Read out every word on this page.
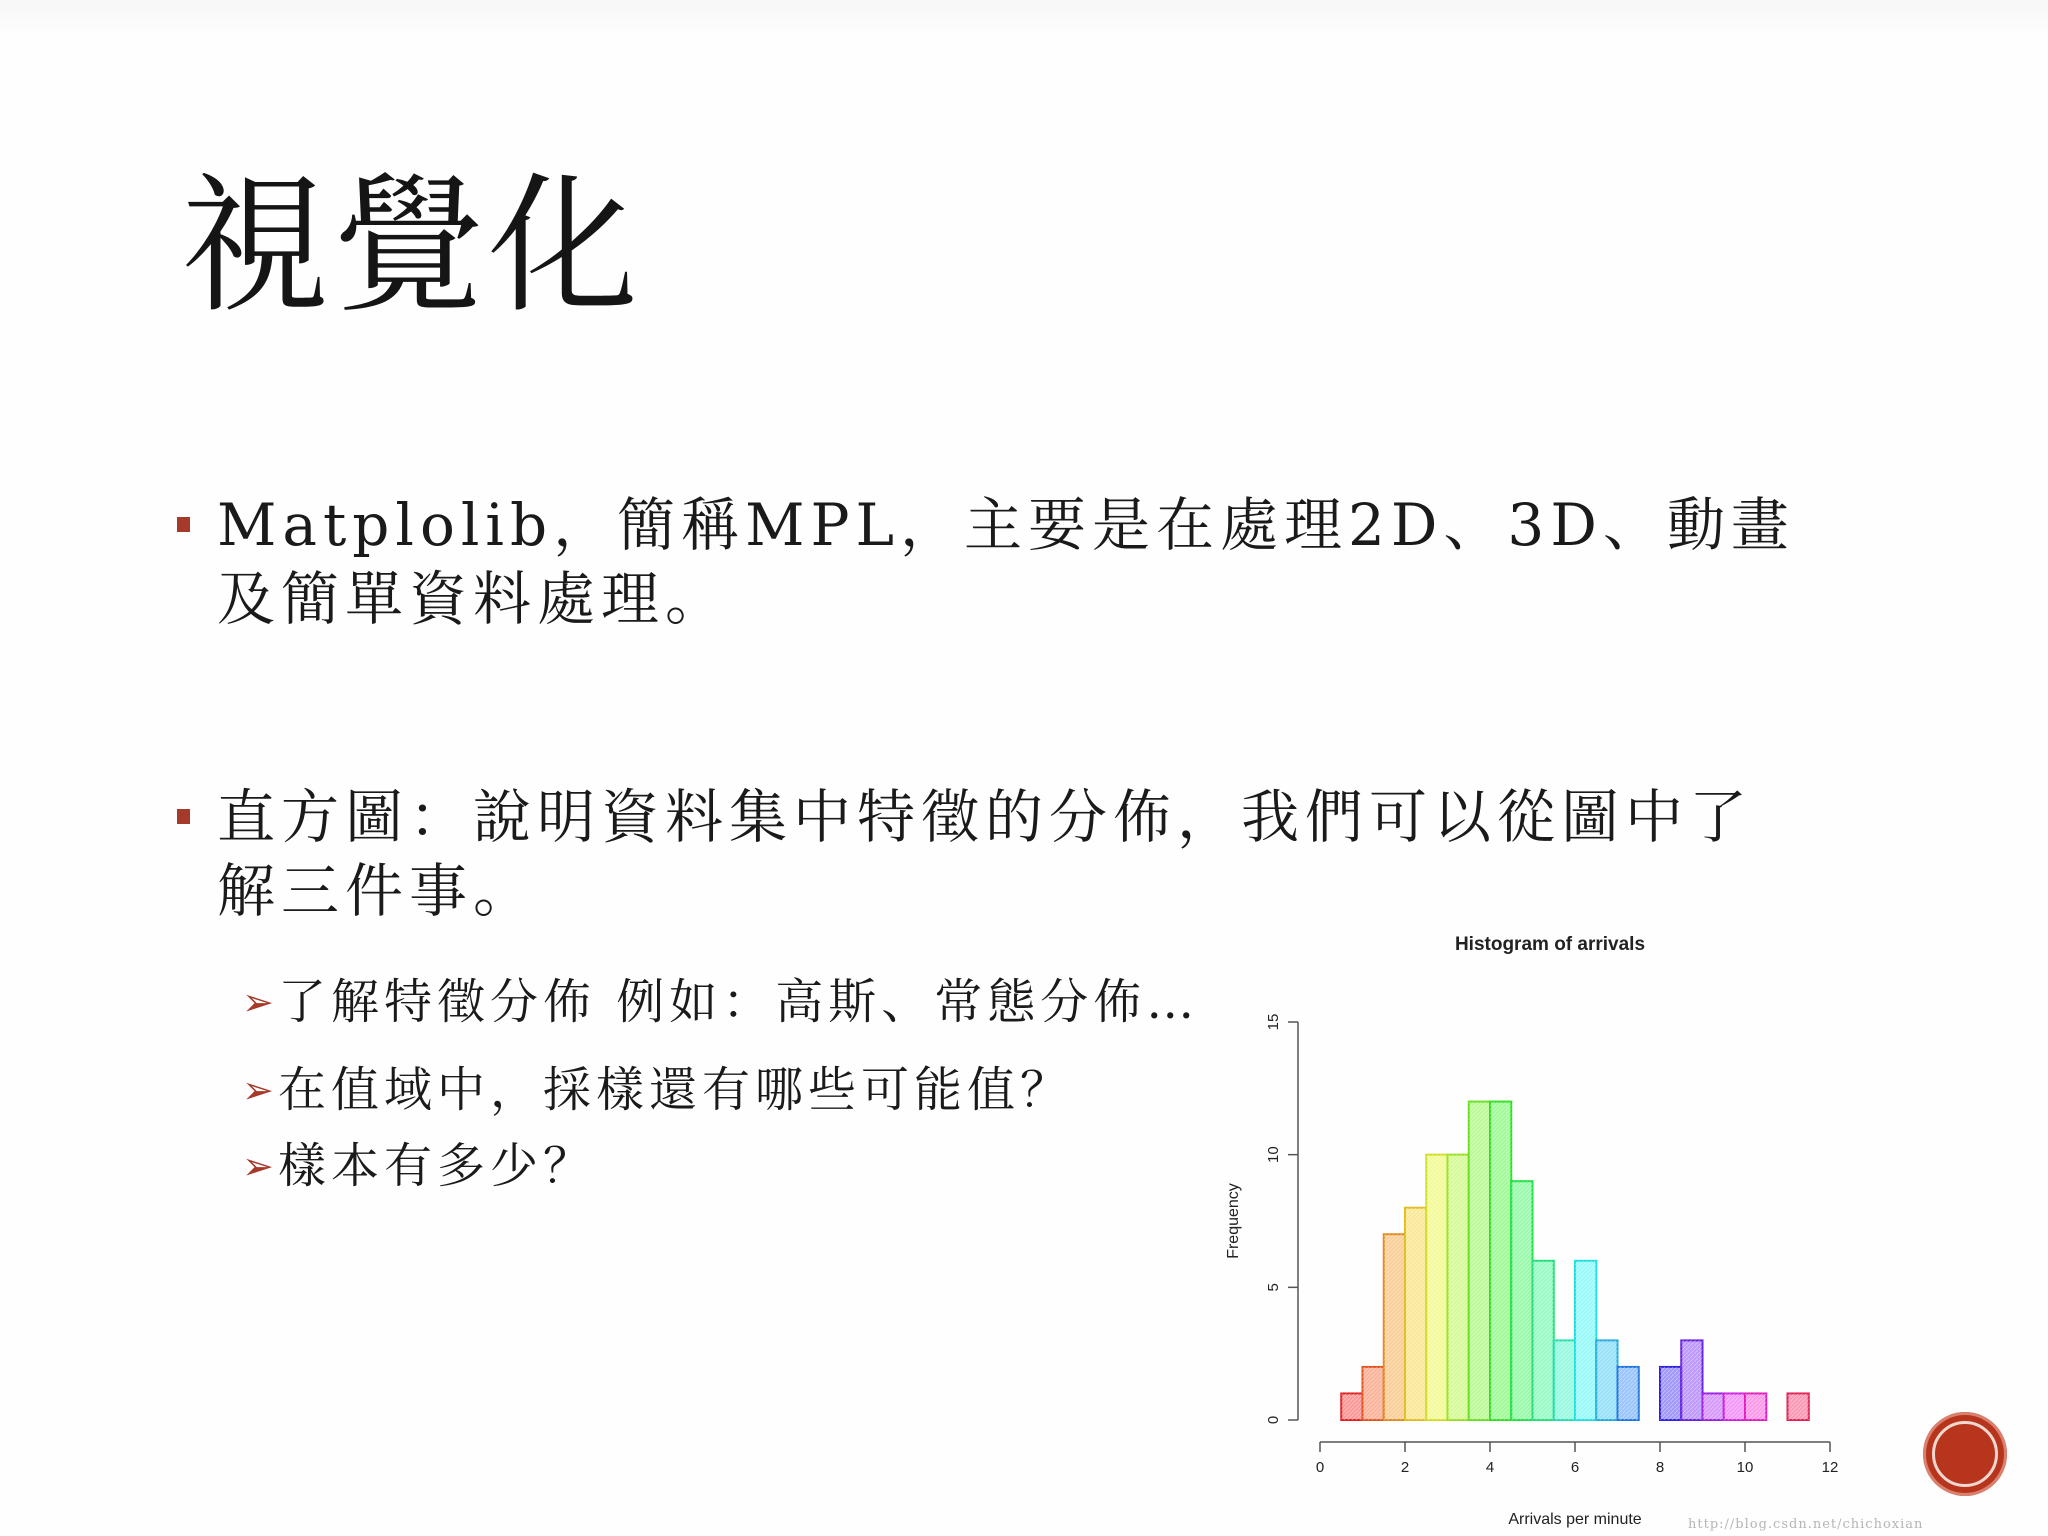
視覺化
Matplolib，簡稱MPL，主要是在處理2D、3D、動畫
及簡單資料處理。
直方圖：說明資料集中特徵的分佈，我們可以從圖中了
解三件事。
➢了解特徵分佈 例如：高斯、常態分佈…
➢在值域中，採樣還有哪些可能值？
➢樣本有多少？
Histogram of arrivals
0
5
10
15
0	2	4	6	8	10	12
Frequency
Arrivals per minute	http://blog.csdn.net/chichoxian
